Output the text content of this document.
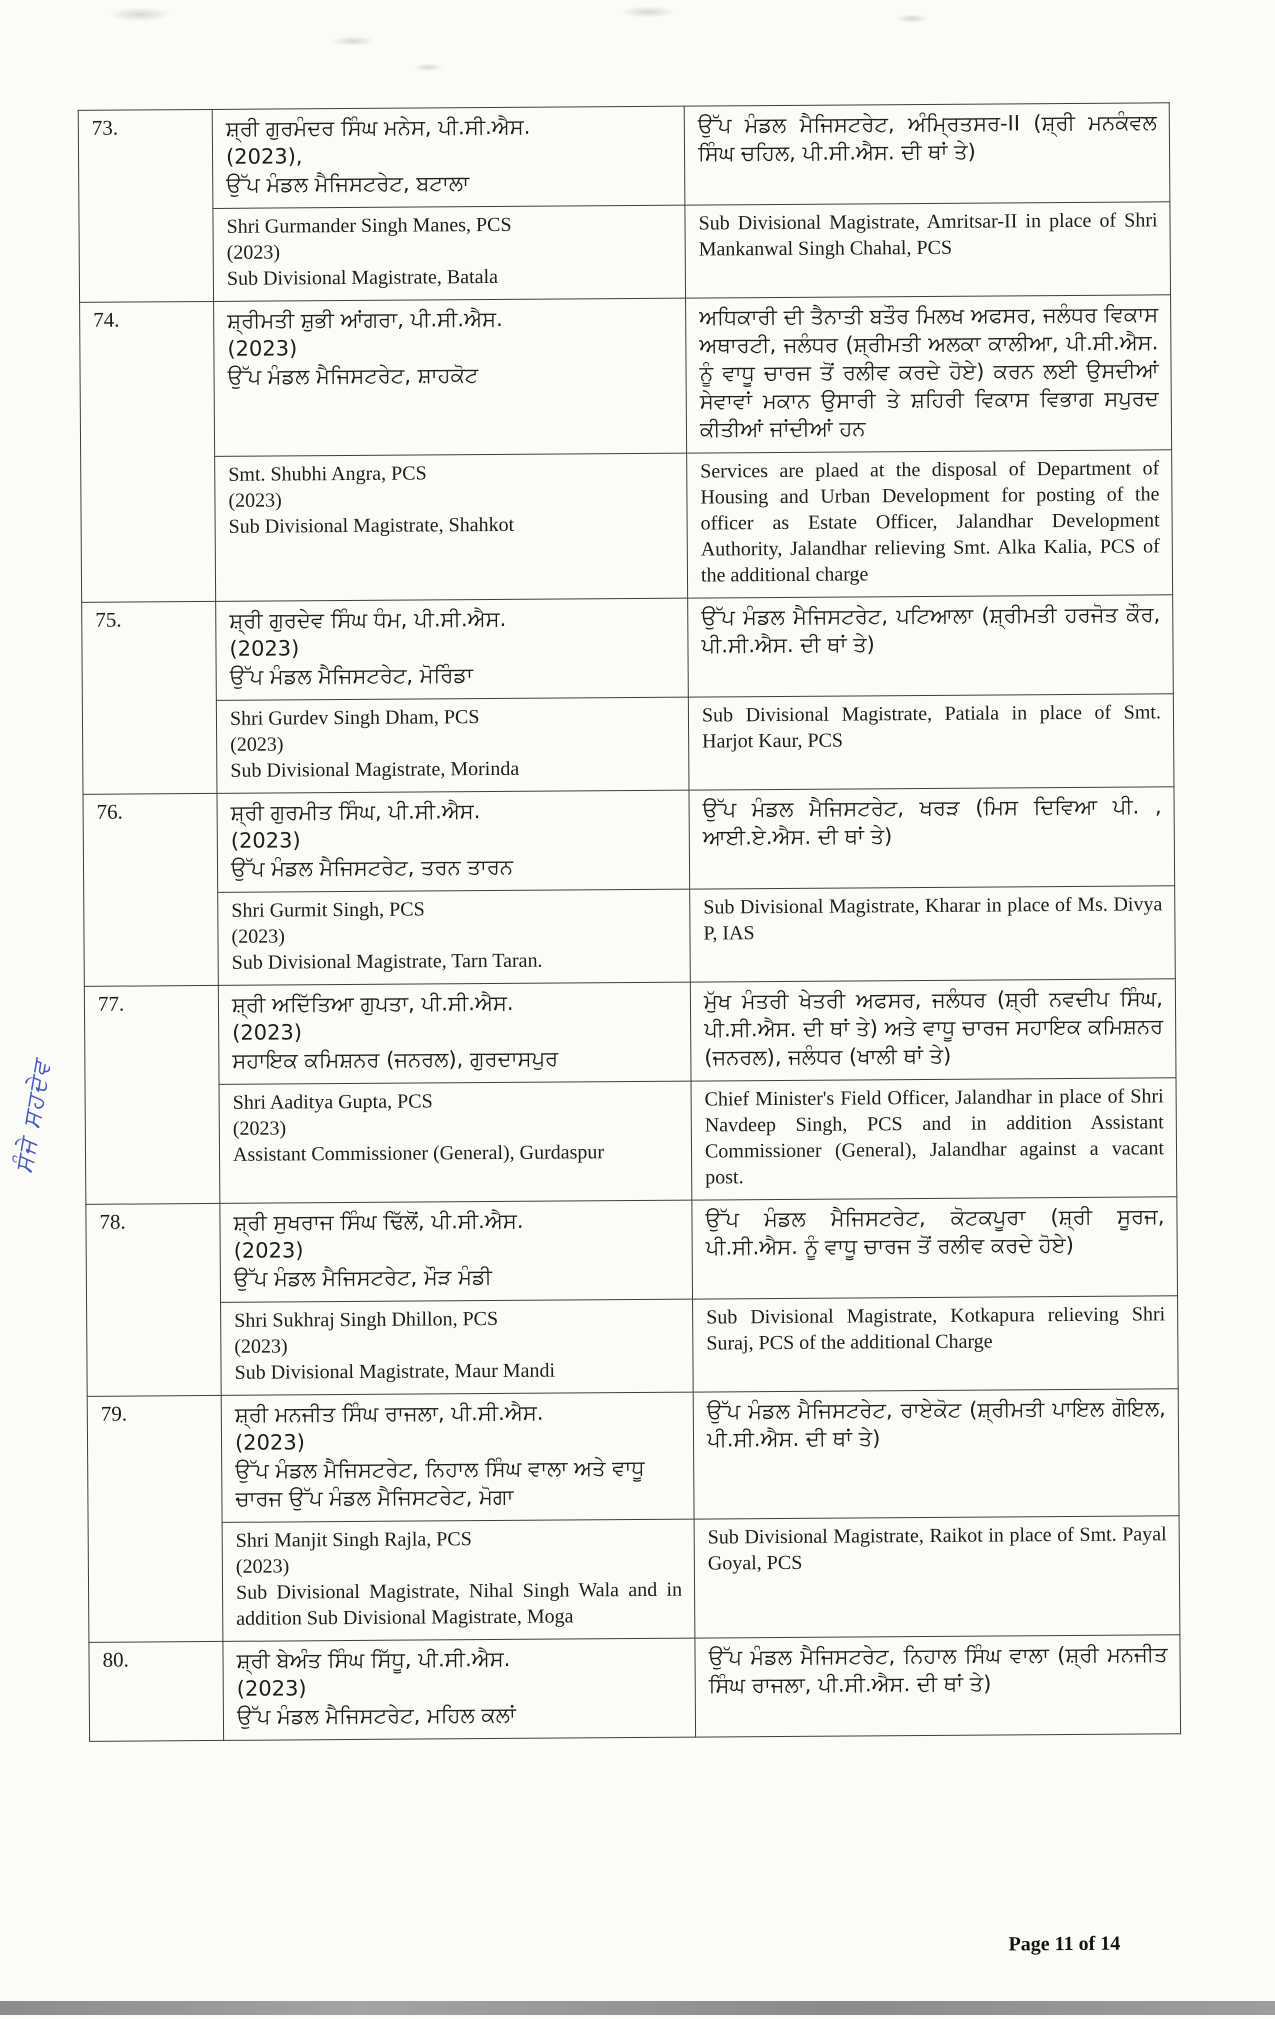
ਸੰਜੇ ਸਹਦੇਵ
73.	ਸ਼੍ਰੀ ਗੁਰਮੰਦਰ ਸਿੰਘ ਮਨੇਸ, ਪੀ.ਸੀ.ਐਸ.
(2023),
ਉੱਪ ਮੰਡਲ ਮੈਜਿਸਟਰੇਟ, ਬਟਾਲਾ	ਉੱਪ ਮੰਡਲ ਮੈਜਿਸਟਰੇਟ, ਅੰਮ੍ਰਿਤਸਰ-II (ਸ਼੍ਰੀ ਮਨਕੰਵਲ ਸਿੰਘ ਚਹਿਲ, ਪੀ.ਸੀ.ਐਸ. ਦੀ ਥਾਂ ਤੇ)
	Shri Gurmander Singh Manes, PCS
(2023)
Sub Divisional Magistrate, Batala	Sub Divisional Magistrate, Amritsar-II in place of Shri Mankanwal Singh Chahal, PCS
74.	ਸ਼੍ਰੀਮਤੀ ਸ਼ੁਭੀ ਆਂਗਰਾ, ਪੀ.ਸੀ.ਐਸ.
(2023)
ਉੱਪ ਮੰਡਲ ਮੈਜਿਸਟਰੇਟ, ਸ਼ਾਹਕੋਟ	ਅਧਿਕਾਰੀ ਦੀ ਤੈਨਾਤੀ ਬਤੌਰ ਮਿਲਖ ਅਫਸਰ, ਜਲੰਧਰ ਵਿਕਾਸ ਅਥਾਰਟੀ, ਜਲੰਧਰ (ਸ਼੍ਰੀਮਤੀ ਅਲਕਾ ਕਾਲੀਆ, ਪੀ.ਸੀ.ਐਸ. ਨੂੰ ਵਾਧੂ ਚਾਰਜ ਤੋਂ ਰਲੀਵ ਕਰਦੇ ਹੋਏ) ਕਰਨ ਲਈ ਉਸਦੀਆਂ ਸੇਵਾਵਾਂ ਮਕਾਨ ਉਸਾਰੀ ਤੇ ਸ਼ਹਿਰੀ ਵਿਕਾਸ ਵਿਭਾਗ ਸਪੁਰਦ ਕੀਤੀਆਂ ਜਾਂਦੀਆਂ ਹਨ
Smt. Shubhi Angra, PCS
(2023)
Sub Divisional Magistrate, Shahkot	Services are plaed at the disposal of Department of Housing and Urban Development for posting of the officer as Estate Officer, Jalandhar Development Authority, Jalandhar relieving Smt. Alka Kalia, PCS of the additional charge
75.	ਸ਼੍ਰੀ ਗੁਰਦੇਵ ਸਿੰਘ ਧੰਮ, ਪੀ.ਸੀ.ਐਸ.
(2023)
ਉੱਪ ਮੰਡਲ ਮੈਜਿਸਟਰੇਟ, ਮੋਰਿੰਡਾ	ਉੱਪ ਮੰਡਲ ਮੈਜਿਸਟਰੇਟ, ਪਟਿਆਲਾ (ਸ਼੍ਰੀਮਤੀ ਹਰਜੋਤ ਕੌਰ, ਪੀ.ਸੀ.ਐਸ. ਦੀ ਥਾਂ ਤੇ)
	Shri Gurdev Singh Dham, PCS
(2023)
Sub Divisional Magistrate, Morinda	Sub Divisional Magistrate, Patiala in place of Smt. Harjot Kaur, PCS
76.	ਸ਼੍ਰੀ ਗੁਰਮੀਤ ਸਿੰਘ, ਪੀ.ਸੀ.ਐਸ.
(2023)
ਉੱਪ ਮੰਡਲ ਮੈਜਿਸਟਰੇਟ, ਤਰਨ ਤਾਰਨ	ਉੱਪ ਮੰਡਲ ਮੈਜਿਸਟਰੇਟ, ਖਰੜ (ਮਿਸ ਦਿਵਿਆ ਪੀ. , ਆਈ.ਏ.ਐਸ. ਦੀ ਥਾਂ ਤੇ)
	Shri Gurmit Singh, PCS
(2023)
Sub Divisional Magistrate, Tarn Taran.	Sub Divisional Magistrate, Kharar in place of Ms. Divya P, IAS
77.	ਸ਼੍ਰੀ ਅਦਿੱਤਿਆ ਗੁਪਤਾ, ਪੀ.ਸੀ.ਐਸ.
(2023)
ਸਹਾਇਕ ਕਮਿਸ਼ਨਰ (ਜਨਰਲ), ਗੁਰਦਾਸਪੁਰ	ਮੁੱਖ ਮੰਤਰੀ ਖੇਤਰੀ ਅਫਸਰ, ਜਲੰਧਰ (ਸ਼੍ਰੀ ਨਵਦੀਪ ਸਿੰਘ, ਪੀ.ਸੀ.ਐਸ. ਦੀ ਥਾਂ ਤੇ) ਅਤੇ ਵਾਧੂ ਚਾਰਜ ਸਹਾਇਕ ਕਮਿਸ਼ਨਰ (ਜਨਰਲ), ਜਲੰਧਰ (ਖਾਲੀ ਥਾਂ ਤੇ)
	Shri Aaditya Gupta, PCS
(2023)
Assistant Commissioner (General), Gurdaspur	Chief Minister's Field Officer, Jalandhar in place of Shri Navdeep Singh, PCS and in addition Assistant Commissioner (General), Jalandhar against a vacant post.
78.	ਸ਼੍ਰੀ ਸੁਖਰਾਜ ਸਿੰਘ ਢਿੱਲੋਂ, ਪੀ.ਸੀ.ਐਸ.
(2023)
ਉੱਪ ਮੰਡਲ ਮੈਜਿਸਟਰੇਟ, ਮੌੜ ਮੰਡੀ	ਉੱਪ ਮੰਡਲ ਮੈਜਿਸਟਰੇਟ, ਕੋਟਕਪੂਰਾ (ਸ਼੍ਰੀ ਸੂਰਜ, ਪੀ.ਸੀ.ਐਸ. ਨੂੰ ਵਾਧੂ ਚਾਰਜ ਤੋਂ ਰਲੀਵ ਕਰਦੇ ਹੋਏ)
	Shri Sukhraj Singh Dhillon, PCS
(2023)
Sub Divisional Magistrate, Maur Mandi	Sub Divisional Magistrate, Kotkapura relieving Shri Suraj, PCS of the additional Charge
79.	ਸ਼੍ਰੀ ਮਨਜੀਤ ਸਿੰਘ ਰਾਜਲਾ, ਪੀ.ਸੀ.ਐਸ.
(2023)
ਉੱਪ ਮੰਡਲ ਮੈਜਿਸਟਰੇਟ, ਨਿਹਾਲ ਸਿੰਘ ਵਾਲਾ ਅਤੇ ਵਾਧੂ ਚਾਰਜ ਉੱਪ ਮੰਡਲ ਮੈਜਿਸਟਰੇਟ, ਮੋਗਾ	ਉੱਪ ਮੰਡਲ ਮੈਜਿਸਟਰੇਟ, ਰਾਏਕੋਟ (ਸ਼੍ਰੀਮਤੀ ਪਾਇਲ ਗੋਇਲ, ਪੀ.ਸੀ.ਐਸ. ਦੀ ਥਾਂ ਤੇ)
	Shri Manjit Singh Rajla, PCS
(2023)
Sub Divisional Magistrate, Nihal Singh Wala and in addition Sub Divisional Magistrate, Moga	Sub Divisional Magistrate, Raikot in place of Smt. Payal Goyal, PCS
80.	ਸ਼੍ਰੀ ਬੇਅੰਤ ਸਿੰਘ ਸਿੱਧੂ, ਪੀ.ਸੀ.ਐਸ.
(2023)
ਉੱਪ ਮੰਡਲ ਮੈਜਿਸਟਰੇਟ, ਮਹਿਲ ਕਲਾਂ	ਉੱਪ ਮੰਡਲ ਮੈਜਿਸਟਰੇਟ, ਨਿਹਾਲ ਸਿੰਘ ਵਾਲਾ (ਸ਼੍ਰੀ ਮਨਜੀਤ ਸਿੰਘ ਰਾਜਲਾ, ਪੀ.ਸੀ.ਐਸ. ਦੀ ਥਾਂ ਤੇ)
Page 11 of 14
